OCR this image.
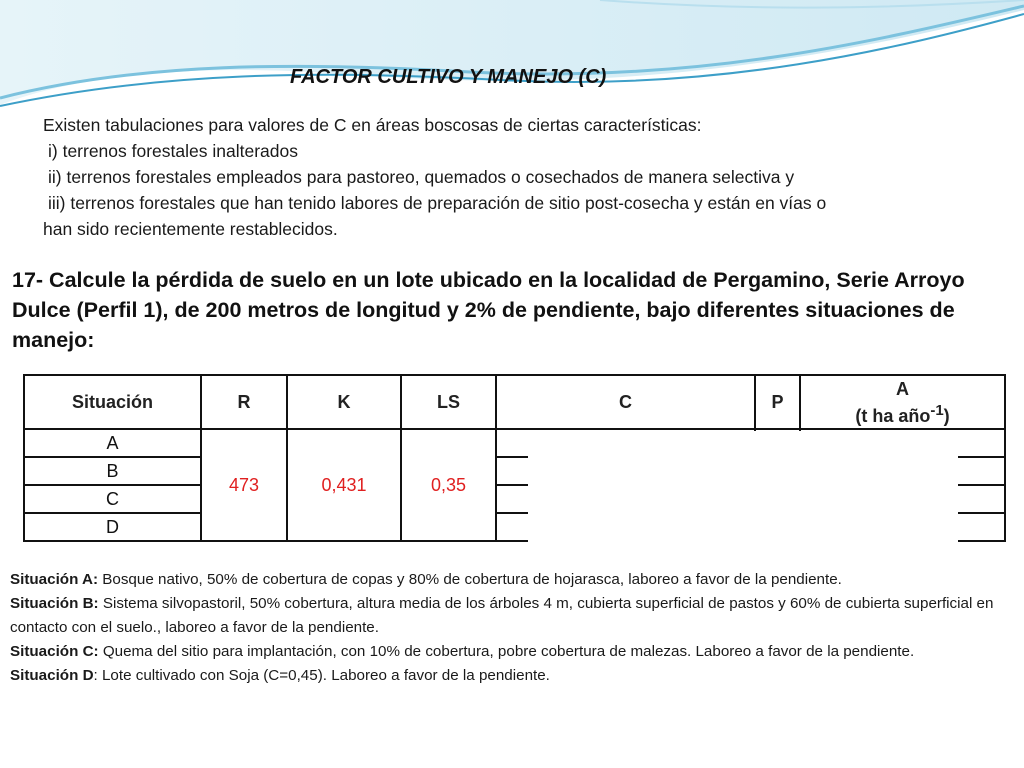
FACTOR CULTIVO Y MANEJO (C)
Existen tabulaciones para valores de C en áreas boscosas de ciertas características:
i) terrenos forestales inalterados
ii) terrenos forestales empleados para pastoreo, quemados o cosechados de manera selectiva y
iii) terrenos forestales que han tenido labores de preparación de sitio post-cosecha y están en vías o
han sido recientemente restablecidos.

17- Calcule la pérdida de suelo en un lote ubicado en la localidad de Pergamino, Serie Arroyo Dulce (Perfil 1), de 200 metros de longitud y 2% de pendiente, bajo diferentes situaciones de manejo:

Situación	R	K	LS	C	P	A
(t ha año$^{-1}$)
A	473	0,431	0,35			
B						
C						
D						
Situación A: Bosque nativo, 50% de cobertura de copas y 80% de cobertura de hojarasca, laboreo a favor de la pendiente.
Situación B: Sistema silvopastoril, 50% cobertura, altura media de los árboles 4 m, cubierta superficial de pastos y 60% de cubierta superficial en contacto con el suelo., laboreo a favor de la pendiente.
Situación C: Quema del sitio para implantación, con 10% de cobertura, pobre cobertura de malezas. Laboreo a favor de la pendiente.
Situación D: Lote cultivado con Soja (C=0,45). Laboreo a favor de la pendiente.
